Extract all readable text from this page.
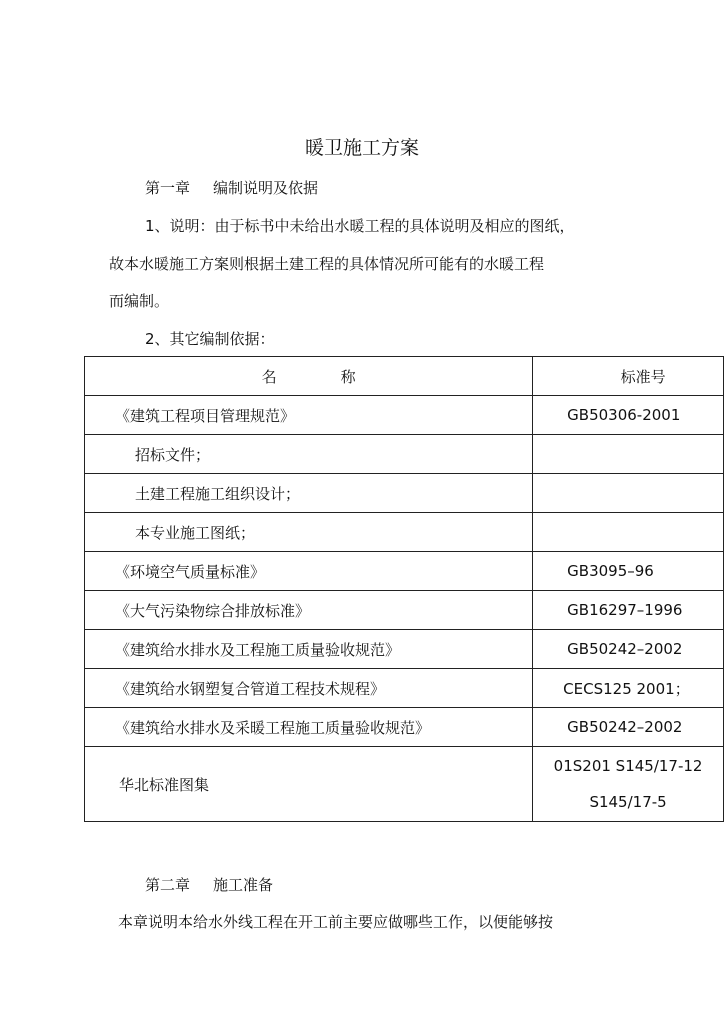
暖卫施工方案
第一章 编制说明及依据
1、说明：由于标书中未给出水暖工程的具体说明及相应的图纸，
故本水暖施工方案则根据土建工程的具体情况所可能有的水暖工程
而编制。
2、其它编制依据：
名 称	标准号
《建筑工程项目管理规范》	GB50306-2001
招标文件；	
土建工程施工组织设计；	
本专业施工图纸；	
《环境空气质量标准》	GB3095–96
《大气污染物综合排放标准》	GB16297–1996
《建筑给水排水及工程施工质量验收规范》	GB50242–2002
《建筑给水钢塑复合管道工程技术规程》	CECS125 2001；
《建筑给水排水及采暖工程施工质量验收规范》	GB50242–2002
华北标准图集	01S201 S145/17-12
S145/17-5
第二章 施工准备
本章说明本给水外线工程在开工前主要应做哪些工作，以便能够按
